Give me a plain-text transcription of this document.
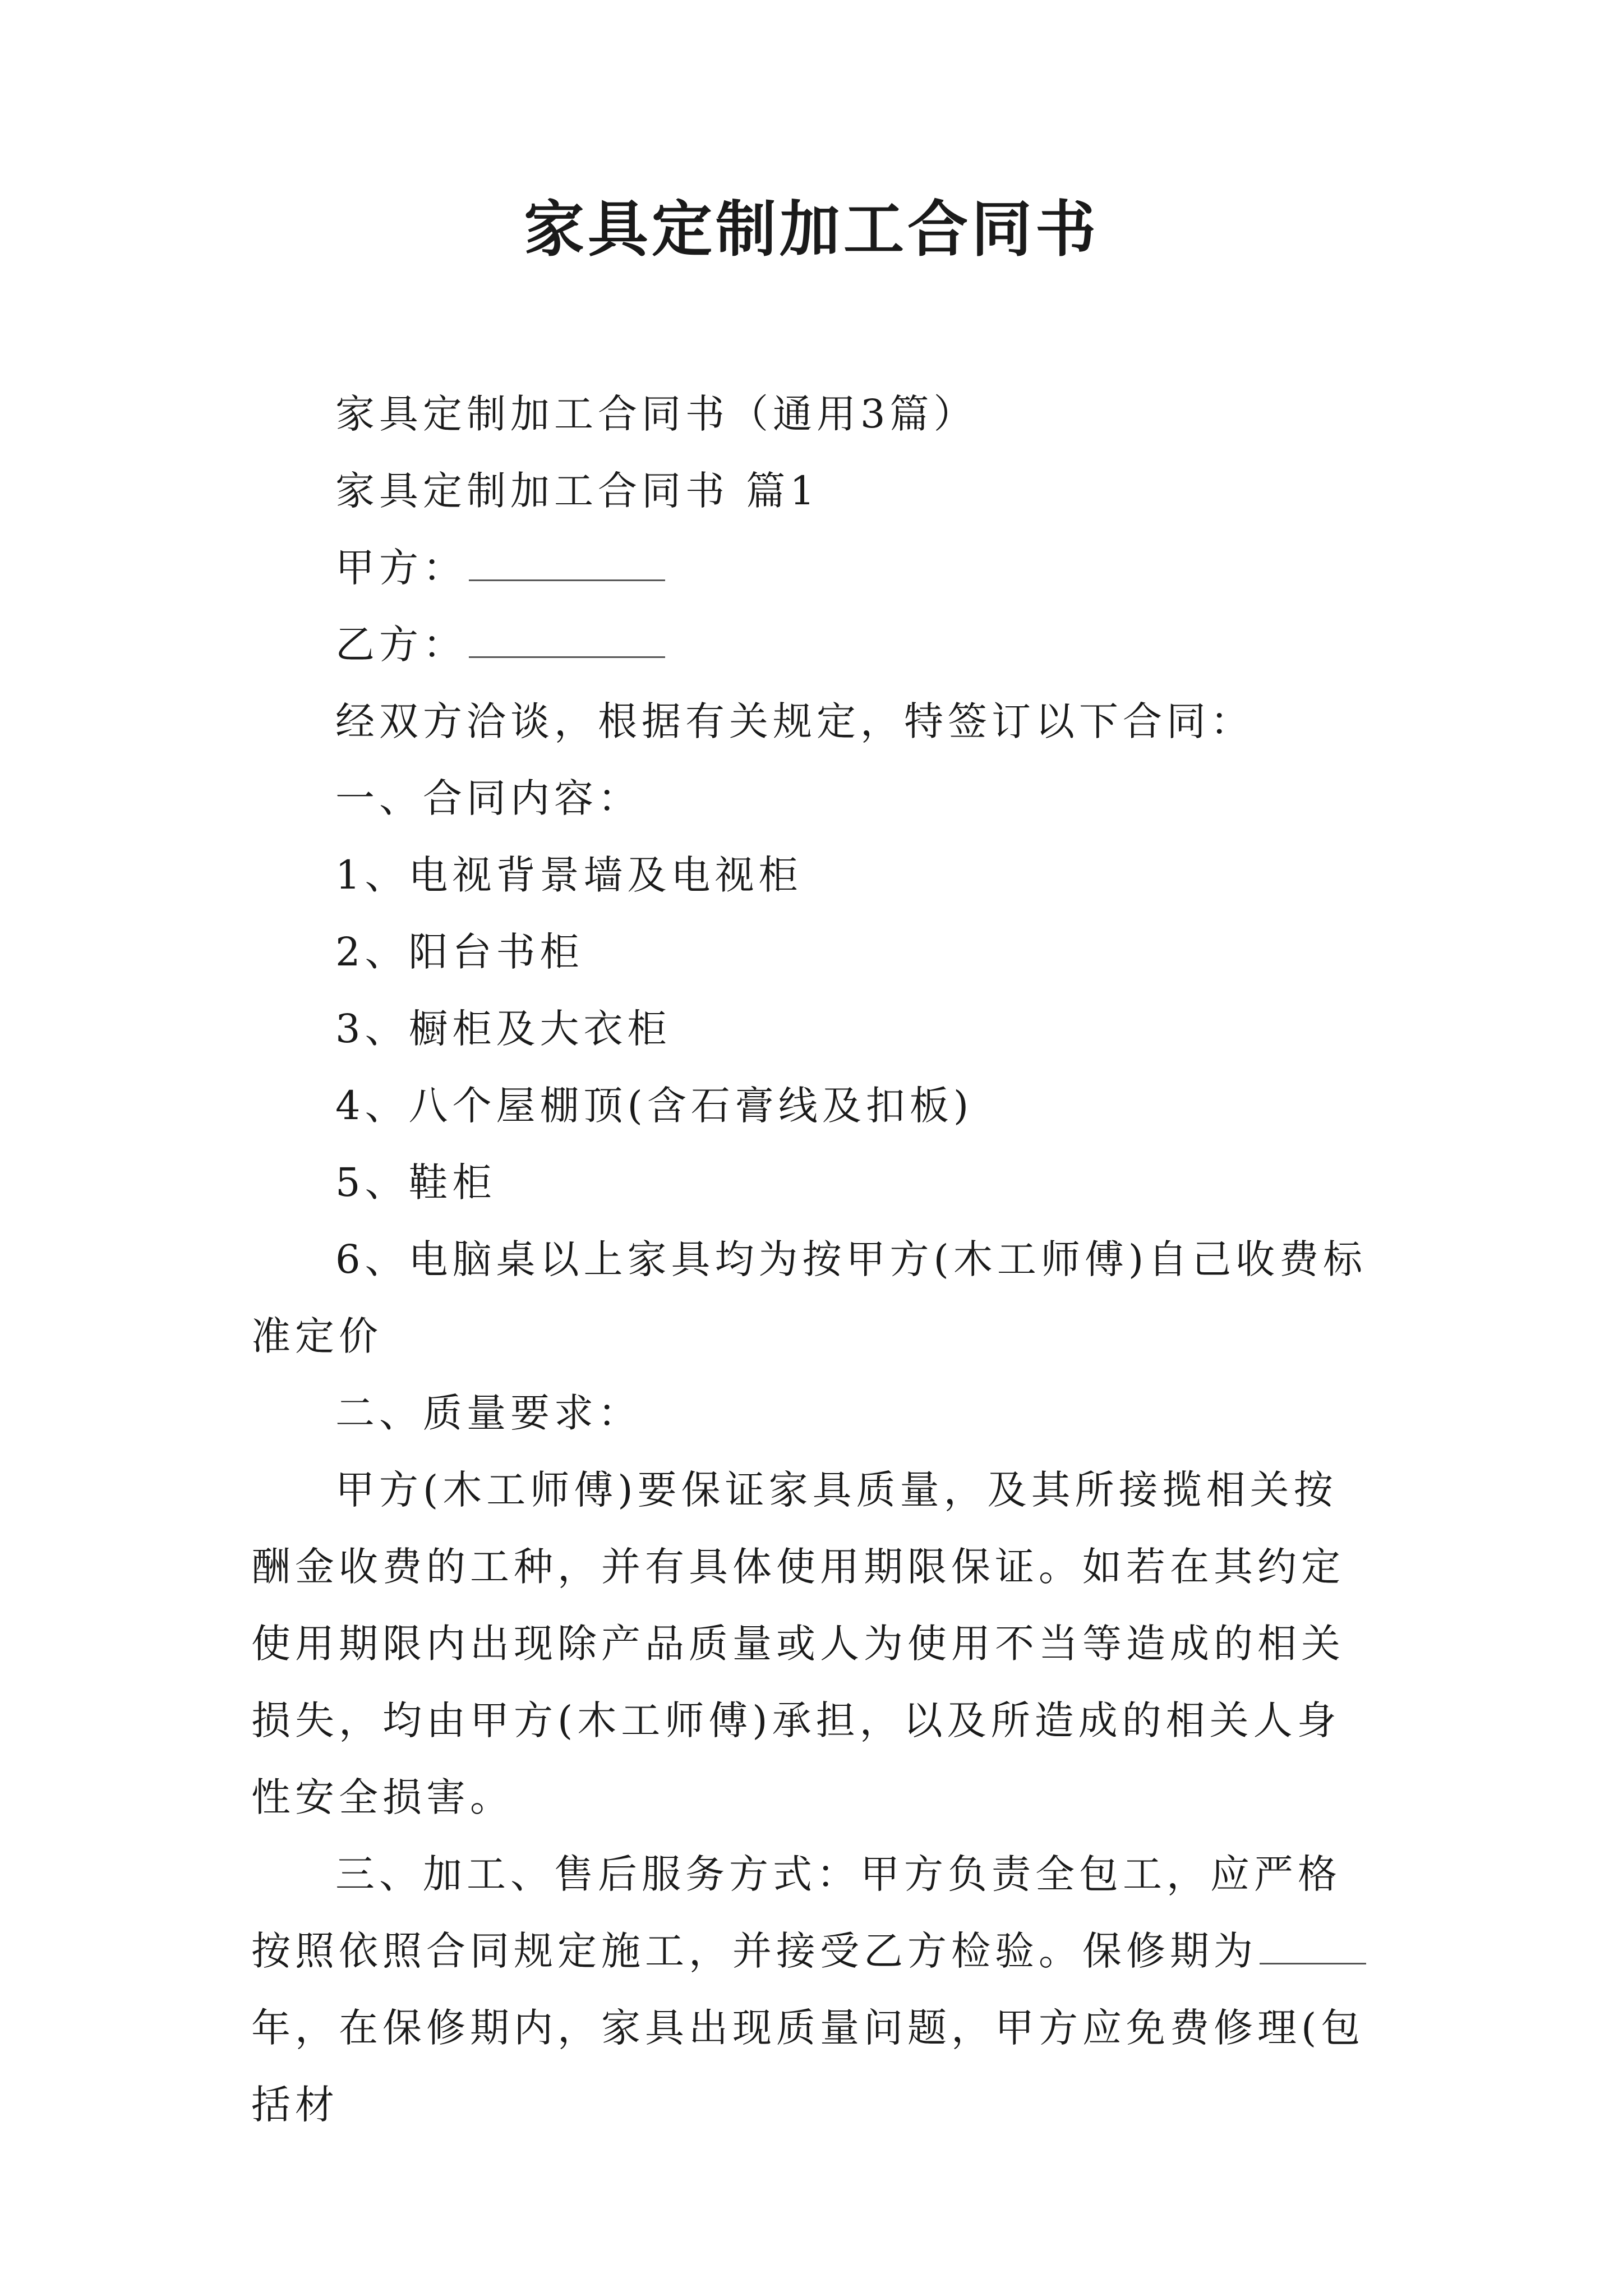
家具定制加工合同书

家具定制加工合同书（通用3篇）

家具定制加工合同书 篇1

甲方：

乙方：

经双方洽谈，根据有关规定，特签订以下合同：

一、合同内容：

1、电视背景墙及电视柜

2、阳台书柜

3、橱柜及大衣柜

4、八个屋棚顶(含石膏线及扣板)

5、鞋柜

6、电脑桌以上家具均为按甲方(木工师傅)自己收费标准定价

二、质量要求：

甲方(木工师傅)要保证家具质量，及其所接揽相关按酬金收费的工种，并有具体使用期限保证。如若在其约定使用期限内出现除产品质量或人为使用不当等造成的相关损失，均由甲方(木工师傅)承担，以及所造成的相关人身性安全损害。

三、加工、售后服务方式：甲方负责全包工，应严格按照依照合同规定施工，并接受乙方检验。保修期为年，在保修期内，家具出现质量问题，甲方应免费修理(包括材
